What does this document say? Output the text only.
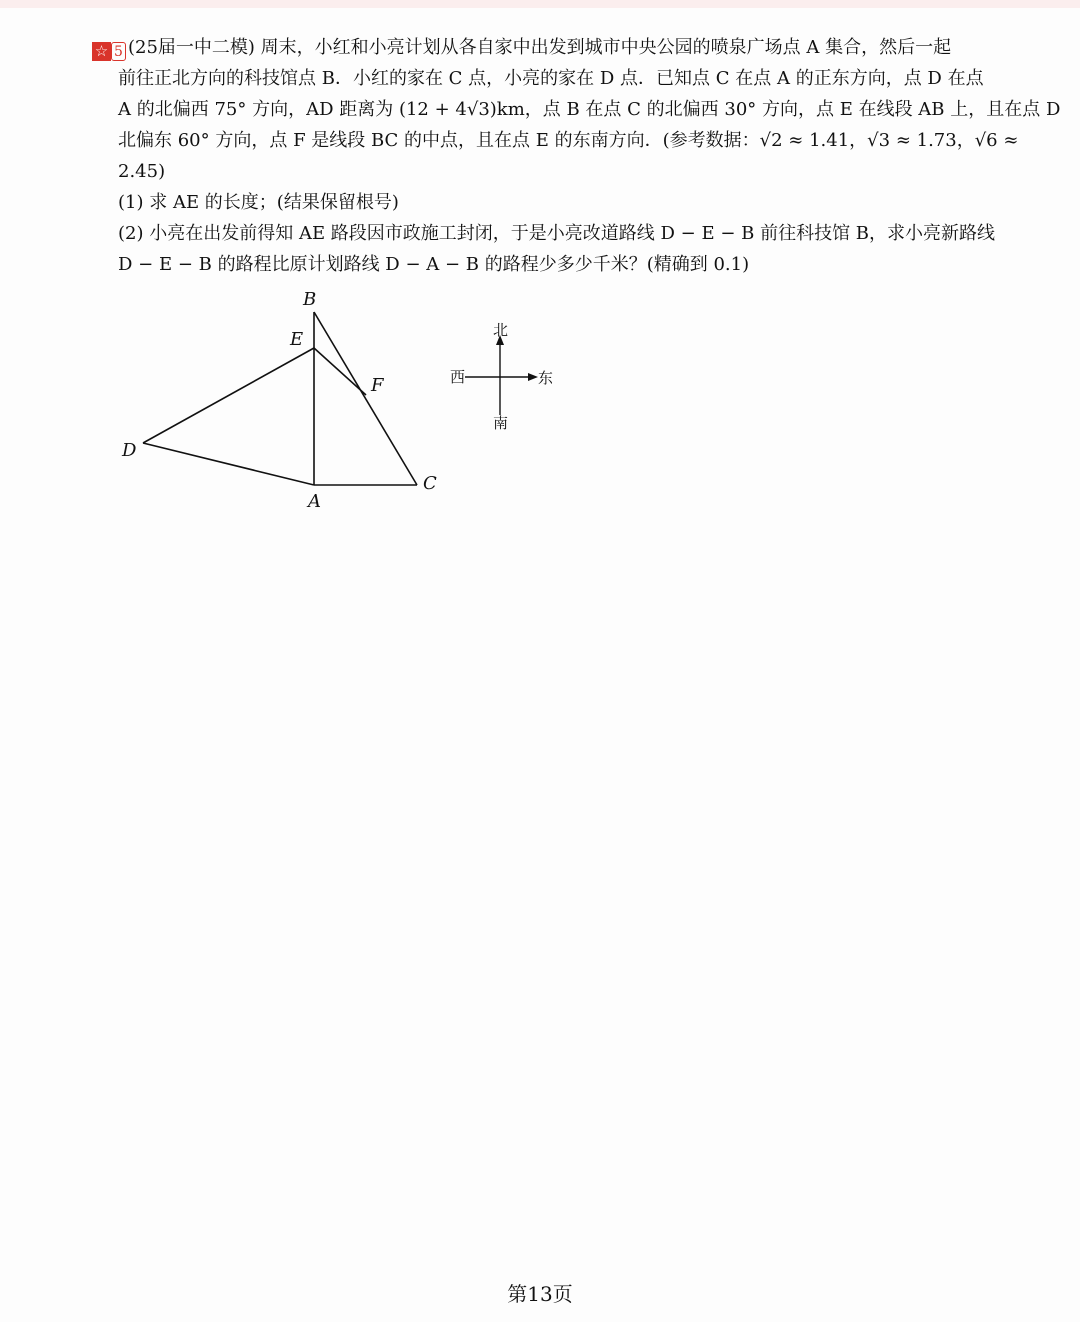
☆ 5 (25届一中二模) 周末，小红和小亮计划从各自家中出发到城市中央公园的喷泉广场点 A 集合，然后一起
前往正北方向的科技馆点 B．小红的家在 C 点，小亮的家在 D 点．已知点 C 在点 A 的正东方向，点 D 在点
A 的北偏西 75° 方向，AD 距离为 (12 + 4√3)km，点 B 在点 C 的北偏西 30° 方向，点 E 在线段 AB 上，且在点 D
北偏东 60° 方向，点 F 是线段 BC 的中点，且在点 E 的东南方向．(参考数据：√2 ≈ 1.41，√3 ≈ 1.73，√6 ≈
2.45)
(1) 求 AE 的长度；(结果保留根号)
(2) 小亮在出发前得知 AE 路段因市政施工封闭，于是小亮改道路线 D − E − B 前往科技馆 B，求小亮新路线
D − E − B 的路程比原计划路线 D − A − B 的路程少多少千米？(精确到 0.1)
B
E
F
D
A
C
北
西	东
南
第13页
